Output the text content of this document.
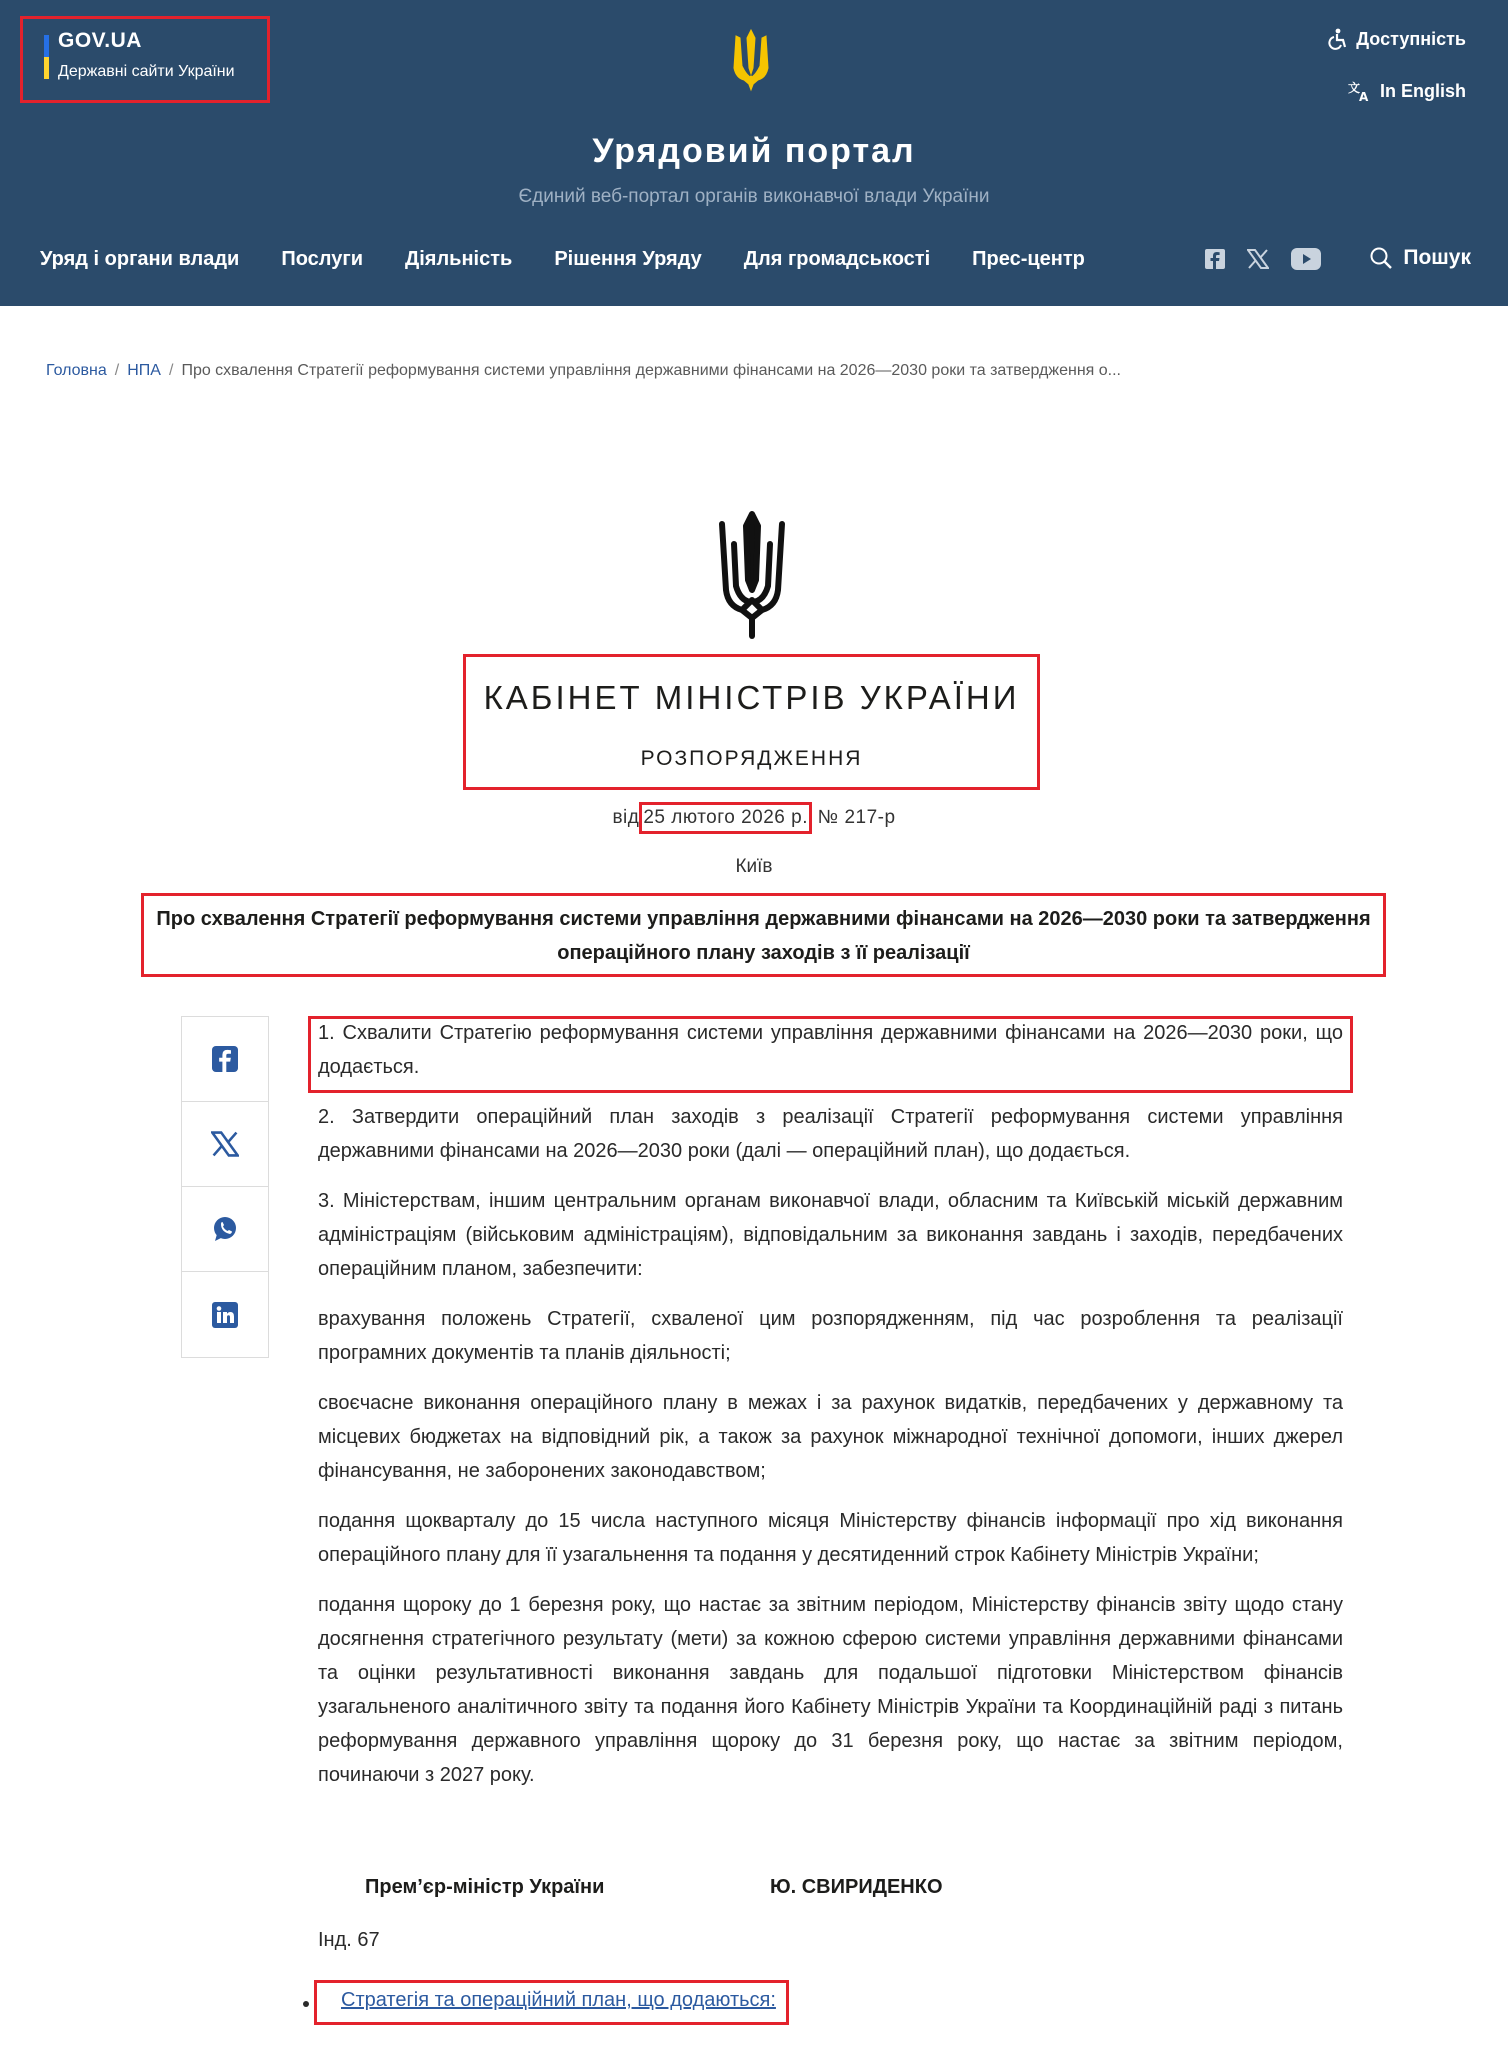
GOV.UA
Державні сайти України
Доступність
文
A In English
Урядовий портал
Єдиний веб-портал органів виконавчої влади України
Уряд і органи влади Послуги Діяльність Рішення Уряду Для громадськості Прес-центр	Пошук
Головна / НПА / Про схвалення Стратегії реформування системи управління державними фінансами на 2026—2030 роки та затвердження о...
КАБІНЕТ МІНІСТРІВ УКРАЇНИ
РОЗПОРЯДЖЕННЯ
від 25 лютого 2026 р. № 217-р
Київ
Про схвалення Стратегії реформування системи управління державними фінансами на 2026—2030 роки та затвердження операційного плану заходів з її реалізації

1. Схвалити Стратегію реформування системи управління державними фінансами на 2026—2030 роки, що додається.

2. Затвердити операційний план заходів з реалізації Стратегії реформування системи управління державними фінансами на 2026—2030 роки (далі — операційний план), що додається.

3. Міністерствам, іншим центральним органам виконавчої влади, обласним та Київській міській державним адміністраціям (військовим адміністраціям), відповідальним за виконання завдань і заходів, передбачених операційним планом, забезпечити:

врахування положень Стратегії, схваленої цим розпорядженням, під час розроблення та реалізації програмних документів та планів діяльності;

своєчасне виконання операційного плану в межах і за рахунок видатків, передбачених у державному та місцевих бюджетах на відповідний рік, а також за рахунок міжнародної технічної допомоги, інших джерел фінансування, не заборонених законодавством;

подання щокварталу до 15 числа наступного місяця Міністерству фінансів інформації про хід виконання операційного плану для її узагальнення та подання у десятиденний строк Кабінету Міністрів України;

подання щороку до 1 березня року, що настає за звітним періодом, Міністерству фінансів звіту щодо стану досягнення стратегічного результату (мети) за кожною сферою системи управління державними фінансами та оцінки результативності виконання завдань для подальшої підготовки Міністерством фінансів узагальненого аналітичного звіту та подання його Кабінету Міністрів України та Координаційній раді з питань реформування державного управління щороку до 31 березня року, що настає за звітним періодом, починаючи з 2027 року.

Прем’єр-міністр України	Ю. СВИРИДЕНКО
Інд. 67
Стратегія та операційний план, що додаються:
